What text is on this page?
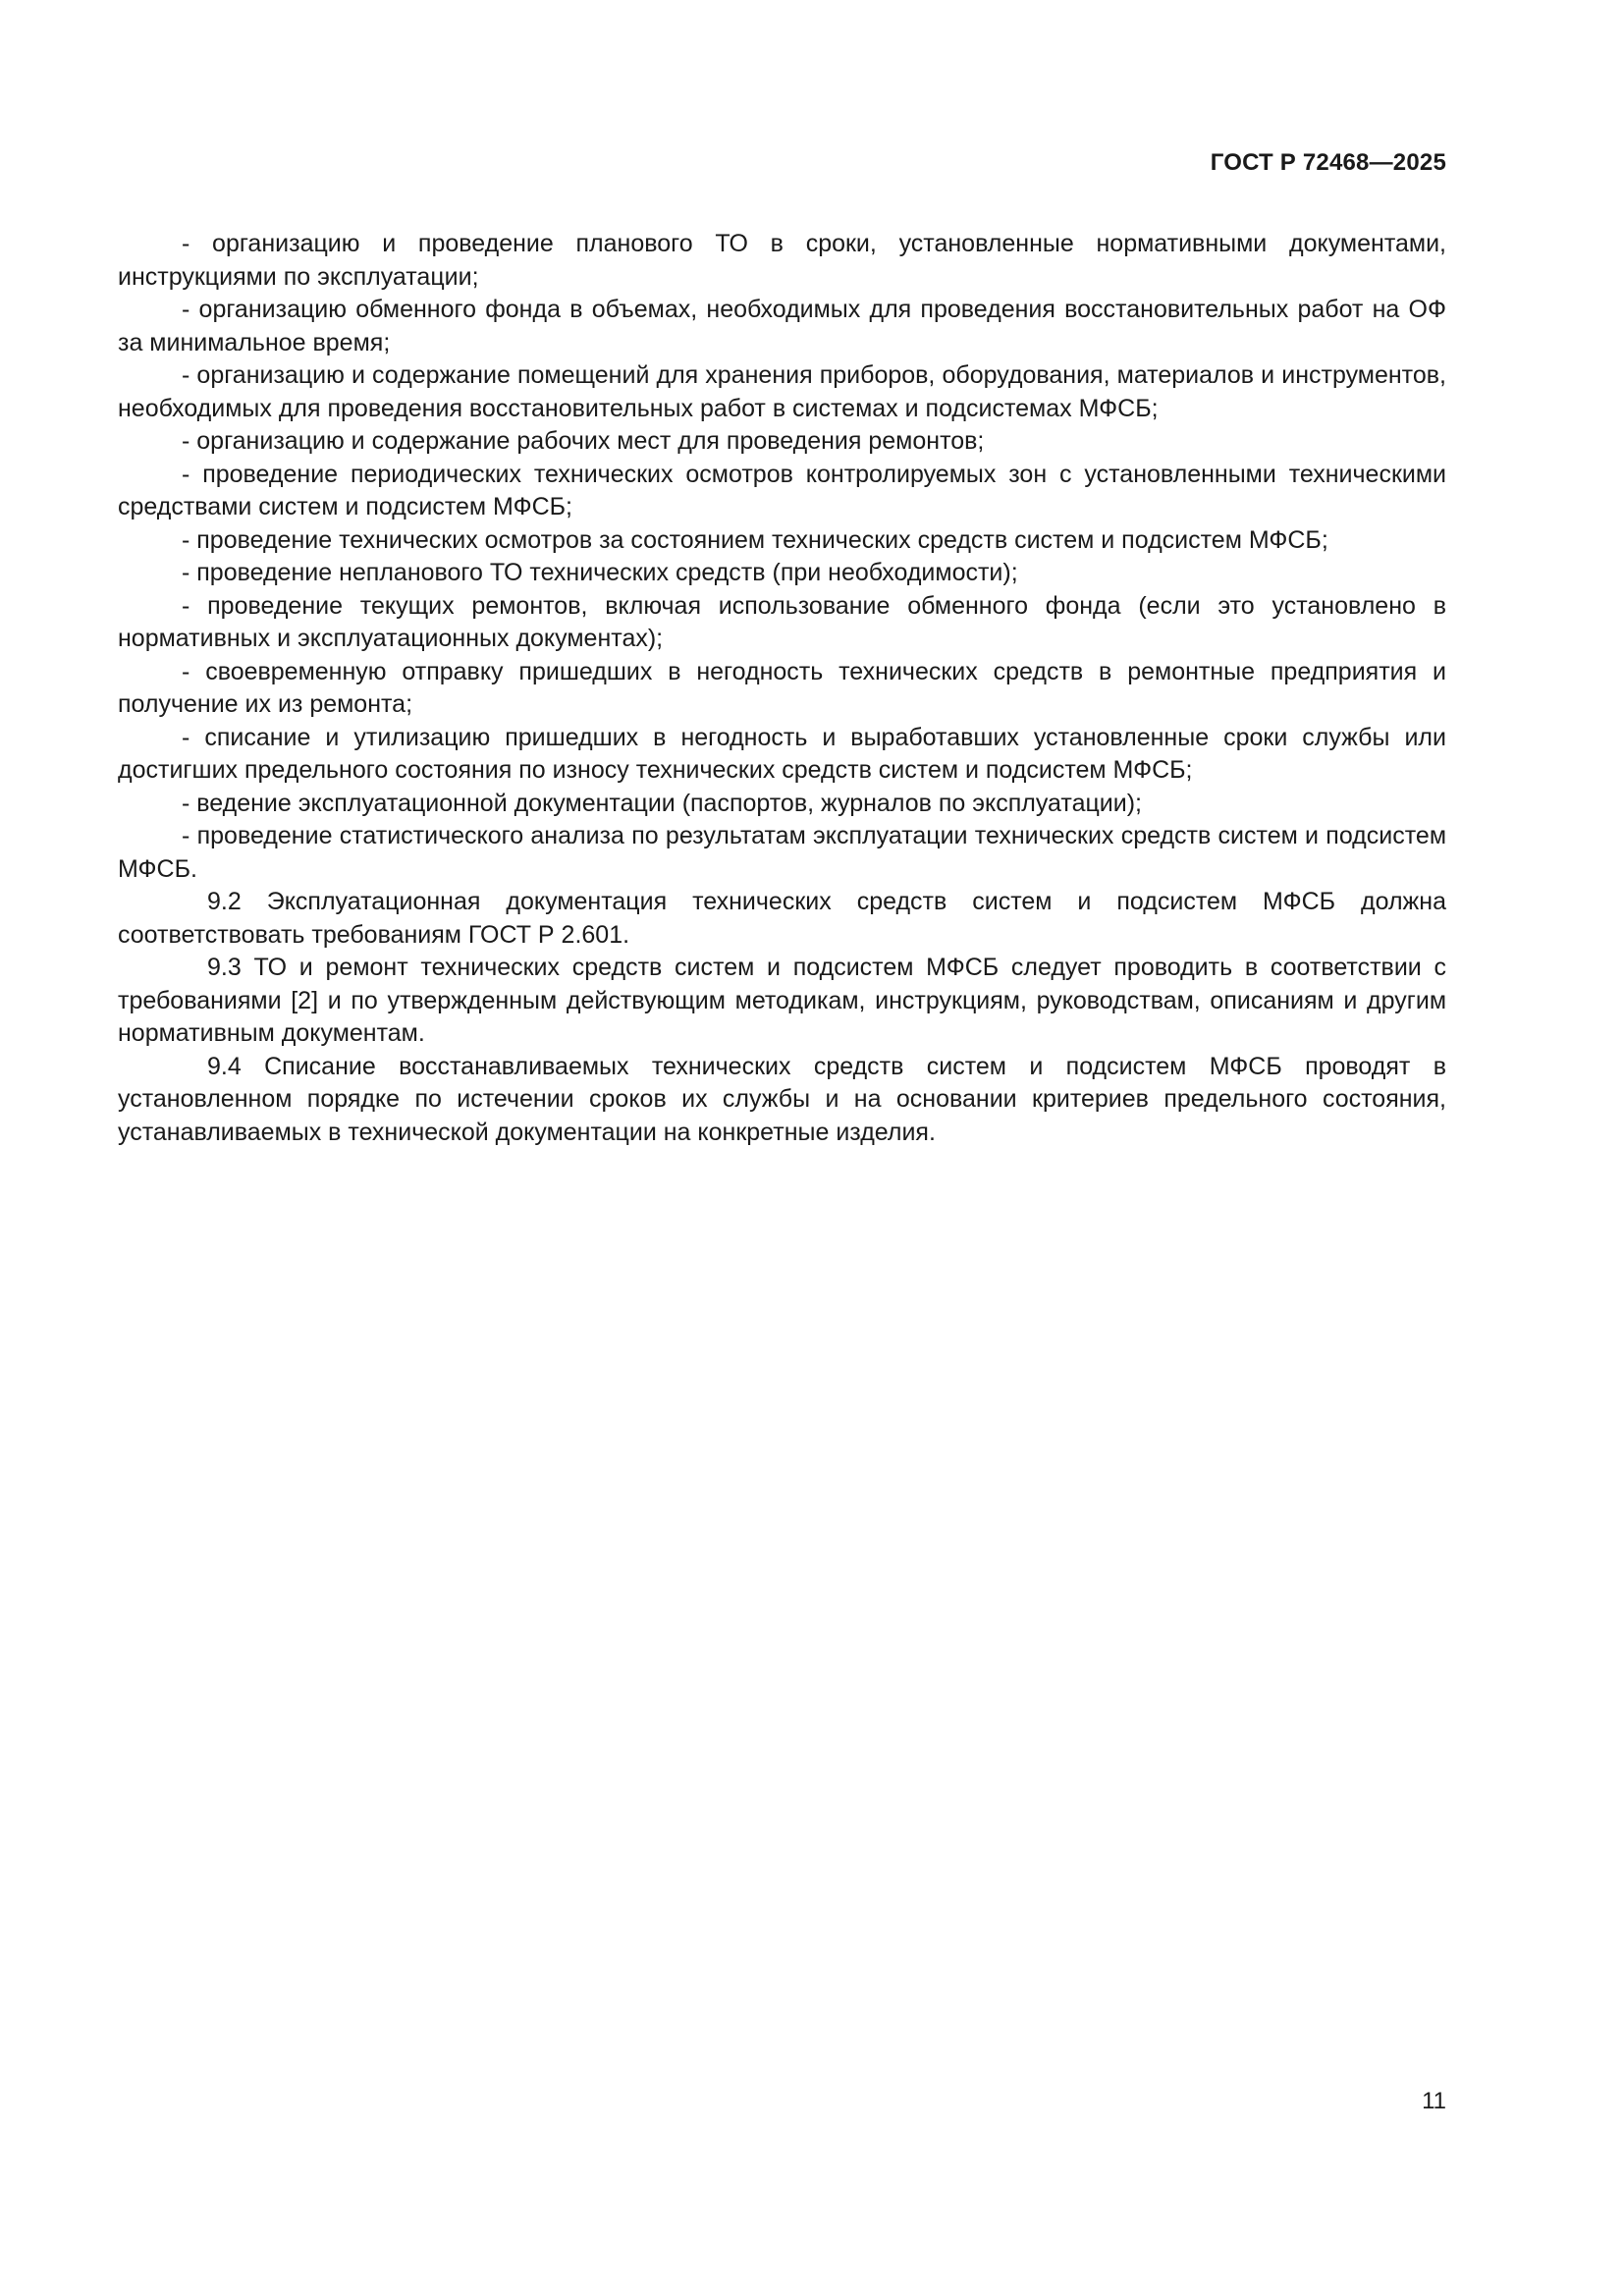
ГОСТ Р 72468—2025

- организацию и проведение планового ТО в сроки, установленные нормативными документами, инструкциями по эксплуатации;

- организацию обменного фонда в объемах, необходимых для проведения восстановительных работ на ОФ за минимальное время;

- организацию и содержание помещений для хранения приборов, оборудования, материалов и инструментов, необходимых для проведения восстановительных работ в системах и подсистемах МФСБ;

- организацию и содержание рабочих мест для проведения ремонтов;

- проведение периодических технических осмотров контролируемых зон с установленными техническими средствами систем и подсистем МФСБ;

- проведение технических осмотров за состоянием технических средств систем и подсистем МФСБ;

- проведение непланового ТО технических средств (при необходимости);

- проведение текущих ремонтов, включая использование обменного фонда (если это установлено в нормативных и эксплуатационных документах);

- своевременную отправку пришедших в негодность технических средств в ремонтные предприятия и получение их из ремонта;

- списание и утилизацию пришедших в негодность и выработавших установленные сроки службы или достигших предельного состояния по износу технических средств систем и подсистем МФСБ;

- ведение эксплуатационной документации (паспортов, журналов по эксплуатации);

- проведение статистического анализа по результатам эксплуатации технических средств систем и подсистем МФСБ.

9.2 Эксплуатационная документация технических средств систем и подсистем МФСБ должна соответствовать требованиям ГОСТ Р 2.601.

9.3 ТО и ремонт технических средств систем и подсистем МФСБ следует проводить в соответствии с требованиями [2] и по утвержденным действующим методикам, инструкциям, руководствам, описаниям и другим нормативным документам.

9.4 Списание восстанавливаемых технических средств систем и подсистем МФСБ проводят в установленном порядке по истечении сроков их службы и на основании критериев предельного состояния, устанавливаемых в технической документации на конкретные изделия.

11
